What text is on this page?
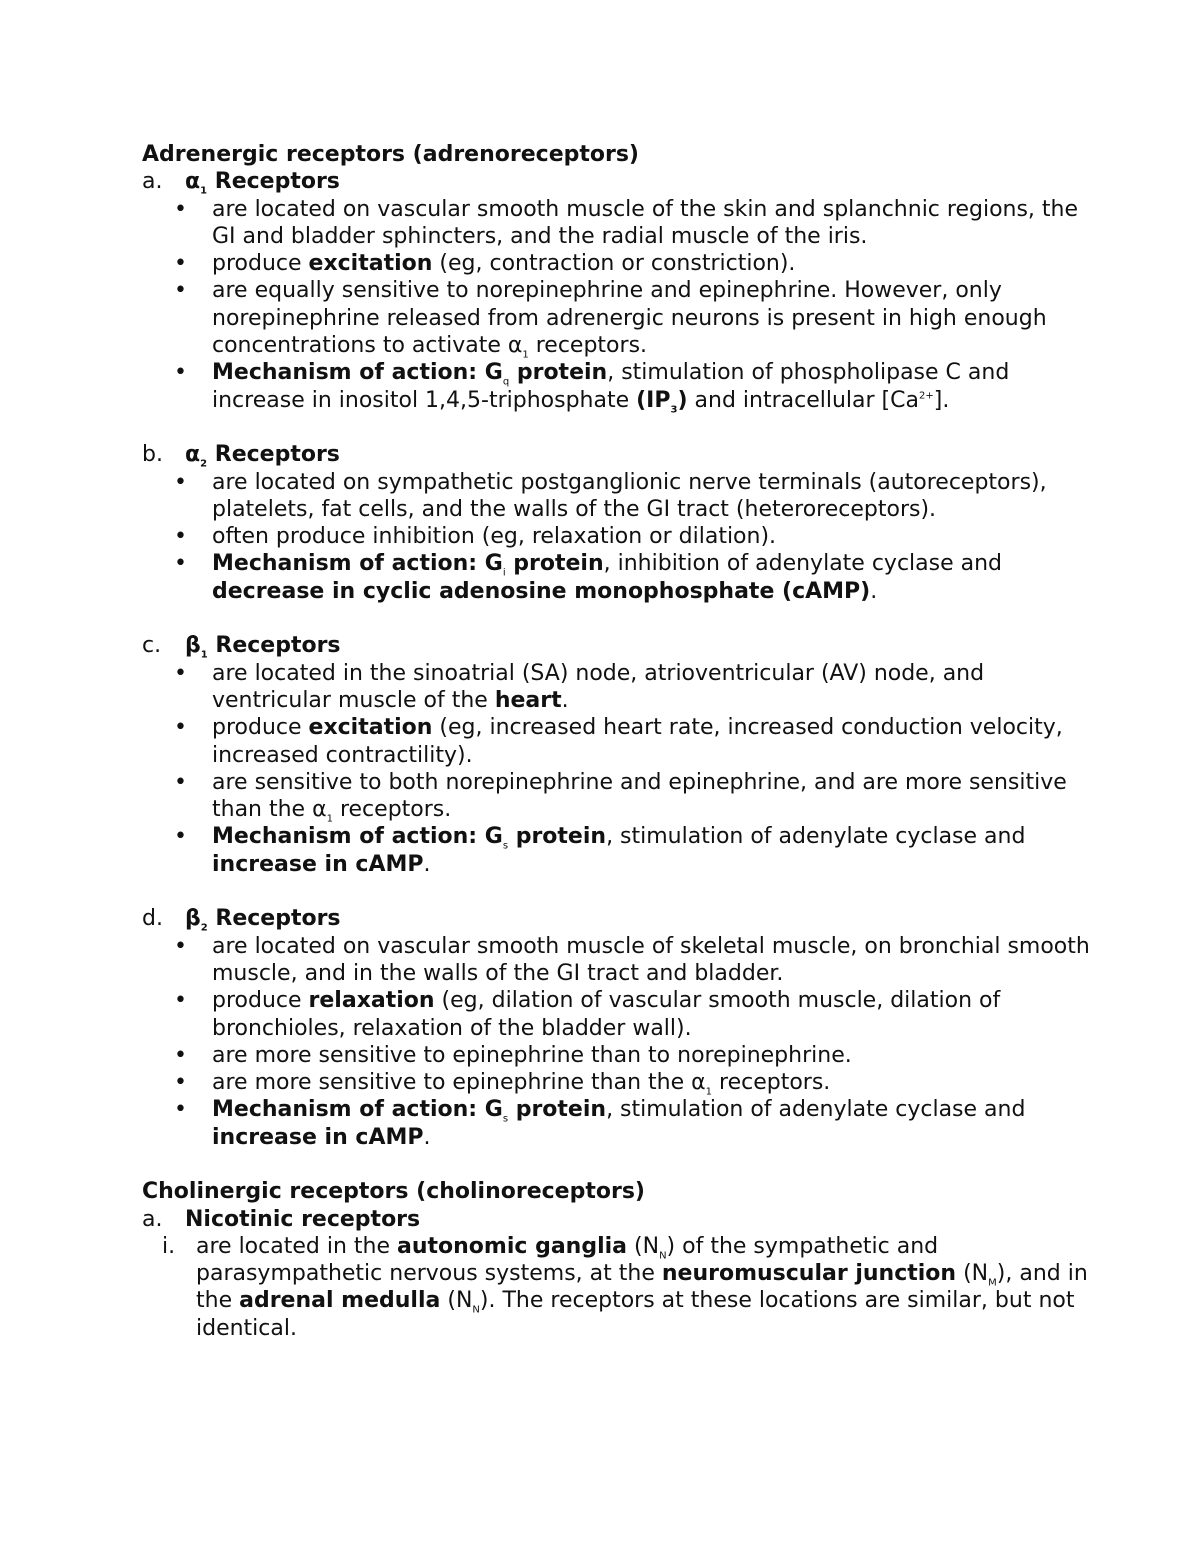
Adrenergic receptors (adrenoreceptors)
a. $\alpha_1$ Receptors
• are located on vascular smooth muscle of the skin and splanchnic regions, the GI and bladder sphincters, and the radial muscle of the iris.
• produce excitation (eg, contraction or constriction).
• are equally sensitive to norepinephrine and epinephrine. However, only norepinephrine released from adrenergic neurons is present in high enough concentrations to activate $\alpha_1$ receptors.
• Mechanism of action: $G_q$ protein, stimulation of phospholipase C and increase in inositol 1,4,5-triphosphate $(IP_3)$ and intracellular $[Ca^{2+}]$.
b. $\alpha_2$ Receptors
• are located on sympathetic postganglionic nerve terminals (autoreceptors), platelets, fat cells, and the walls of the GI tract (heteroreceptors).
• often produce inhibition (eg, relaxation or dilation).
• Mechanism of action: $G_i$ protein, inhibition of adenylate cyclase and decrease in cyclic adenosine monophosphate (cAMP).
c. $\beta_1$ Receptors
• are located in the sinoatrial (SA) node, atrioventricular (AV) node, and ventricular muscle of the heart.
• produce excitation (eg, increased heart rate, increased conduction velocity, increased contractility).
• are sensitive to both norepinephrine and epinephrine, and are more sensitive than the $\alpha_1$ receptors.
• Mechanism of action: $G_s$ protein, stimulation of adenylate cyclase and increase in cAMP.
d. $\beta_2$ Receptors
• are located on vascular smooth muscle of skeletal muscle, on bronchial smooth muscle, and in the walls of the GI tract and bladder.
• produce relaxation (eg, dilation of vascular smooth muscle, dilation of bronchioles, relaxation of the bladder wall).
• are more sensitive to epinephrine than to norepinephrine.
• are more sensitive to epinephrine than the $\alpha_1$ receptors.
• Mechanism of action: $G_s$ protein, stimulation of adenylate cyclase and increase in cAMP.
Cholinergic receptors (cholinoreceptors)
a. Nicotinic receptors
i. are located in the autonomic ganglia $(N_N)$ of the sympathetic and parasympathetic nervous systems, at the neuromuscular junction $(N_M)$, and in the adrenal medulla $(N_N)$. The receptors at these locations are similar, but not identical.
